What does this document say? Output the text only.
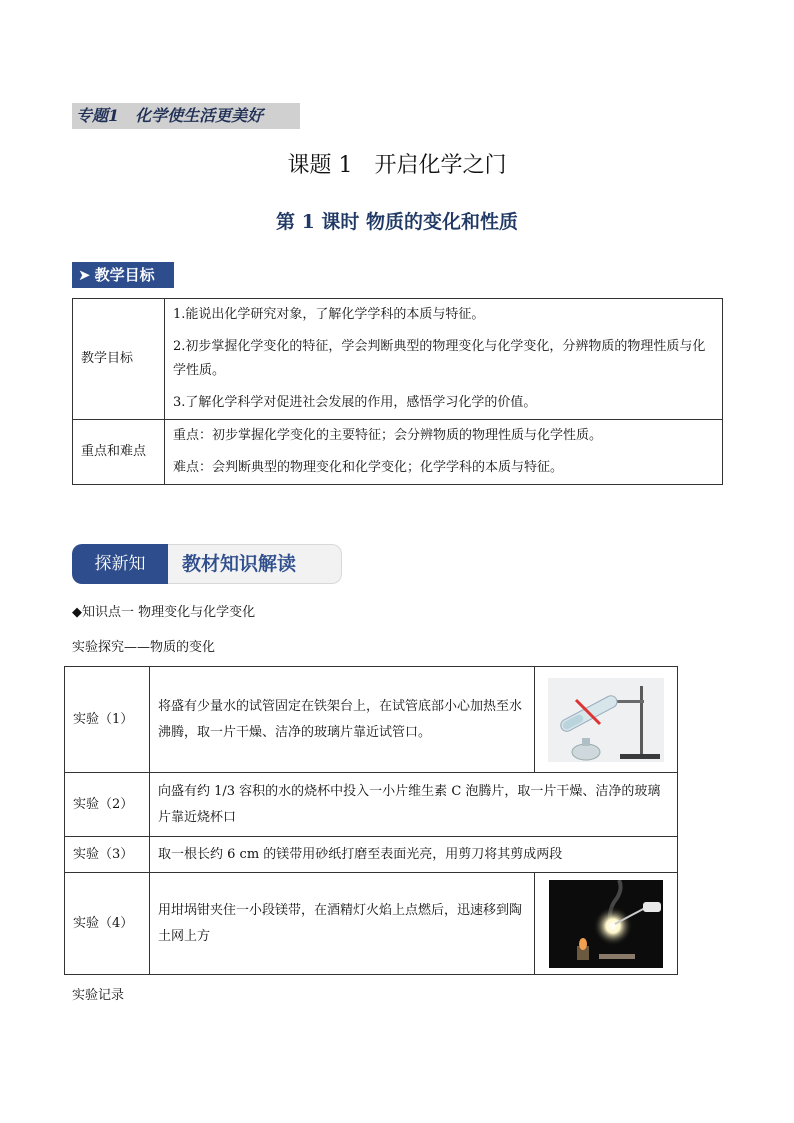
专题1　化学使生活更美好
课题 1　开启化学之门
第 1 课时 物质的变化和性质
➤ 教学目标
教学目标	1.能说出化学研究对象，了解化学学科的本质与特征。

2.初步掌握化学变化的特征，学会判断典型的物理变化与化学变化，分辨物质的物理性质与化学性质。

3.了解化学科学对促进社会发展的作用，感悟学习化学的价值。

重点和难点	重点：初步掌握化学变化的主要特征；会分辨物质的物理性质与化学性质。

难点：会判断典型的物理变化和化学变化；化学学科的本质与特征。

探新知	教材知识解读
◆知识点一 物理变化与化学变化
实验探究——物质的变化
实验（1）	将盛有少量水的试管固定在铁架台上，在试管底部小心加热至水沸腾，取一片干燥、洁净的玻璃片靠近试管口。	

实验（2）	向盛有约 1/3 容积的水的烧杯中投入一小片维生素 C 泡腾片，取一片干燥、洁净的玻璃片靠近烧杯口	
实验（3）	取一根长约 6 cm 的镁带用砂纸打磨至表面光亮，用剪刀将其剪成两段	
实验（4）	用坩埚钳夹住一小段镁带，在酒精灯火焰上点燃后，迅速移到陶土网上方	
实验记录
